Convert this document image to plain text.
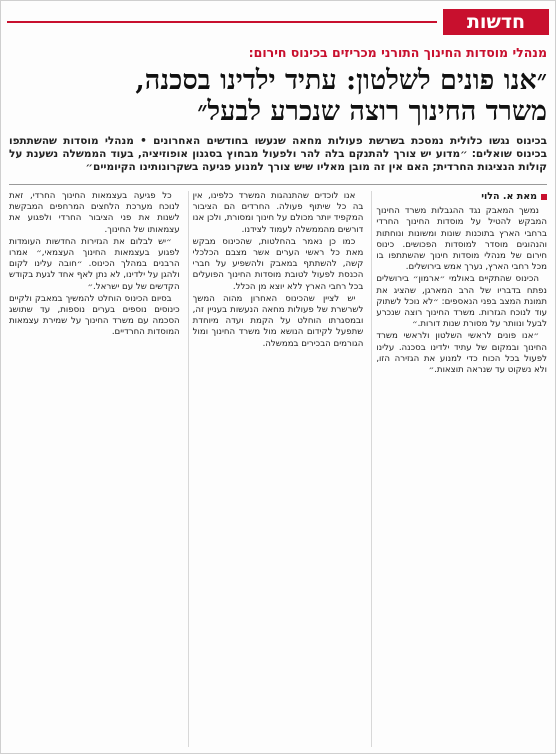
חדשות
מנהלי מוסדות החינוך התורני מכריזים בכינוס חירום:
״אנו פונים לשלטון: עתיד ילדינו בסכנה,
משרד החינוך רוצה שנכרע לבעל״
בכינוס נגשו כלולית נמסכת בשרשת פעולות מחאה שנעשו בחודשים האחרונים • מנהלי מוסדות שהשתתפו בכינוס שואלים: ״מדוע יש צורך להתנקם בלה להר ולפעול מבחוץ בסגנון אופוזיציה, בעוד הממשלה נשענת על קולות הנציגות החרדית; האם אין זה מובן מאליו שיש צורך למנוע פגיעה בשקרונותינו הקיומיים״
מאת א. הלוי

נמשך המאבק נגד ההגבלות משרד החינוך המבקש להטיל על מוסדות החינוך החרדי ברחבי הארץ בתוכנות שונות ומשונות ונוחתות והנהוגים מוסדר למוסדות הפכושים. כינוס חירום של מנהלי מוסדות חינוך שהשתתפו בו מכל רחבי הארץ, נערך אמש בירושלים.

הכינוס שהתקיים באולמי ״ארמון״ בירושלים נפתח בדבריו של הרב המארגן, שהציג את תמונת המצב בפני הנאספים: ״לא נוכל לשתוק עוד לנוכח הגזרות. משרד החינוך רוצה שנכרע לבעל ונוותר על מסורת שנות דורות.״

״אנו פונים לראשי השלטון ולראשי משרד החינוך ובמקום של עתיד ילדינו בסכנה. עלינו לפעול בכל הכוח כדי למנוע את הגזירה הזו, ולא נשקוט עד שנראה תוצאות.״

אנו לוכדים שהתנהגות המשרד כלפינו, אין בה כל שיתוף פעולה. החרדים הם הציבור המקפיד יותר מכולם על חינוך ומסורת, ולכן אנו דורשים מהממשלה לעמוד לצידנו.

כמו כן נאמר בהחלטות, שהכינוס מבקש מאת כל ראשי הערים אשר מצבם הכלכלי קשה, להשתתף במאבק ולהשפיע על חברי הכנסת לפעול לטובת מוסדות החינוך הפועלים בכל רחבי הארץ ללא יוצא מן הכלל.

יש לציין שהכינוס האחרון מהוה המשך לשרשרת של פעולות מחאה הנעשות בעניין זה, ובמסגרתו הוחלט על הקמת ועדה מיוחדת שתפעל לקידום הנושא מול משרד החינוך ומול הגורמים הבכירים בממשלה.

כל פגיעה בעצמאות החינוך החרדי, זאת לנוכח מערכת הלחצים המרחפים המבקשת לשנות את פני הציבור החרדי ולפגוע את עצמאותו של החינוך.

״יש לבלום את הגזירות החדשות העומדות לפגוע בעצמאות החינוך העצמאי,״ אמרו הרבנים במהלך הכינוס. ״חובה עלינו לקום ולהגן על ילדינו, לא נתן לאף אחד לגעת בקודש הקדשים של עם ישראל.״

בסיום הכינוס הוחלט להמשיך במאבק ולקיים כינוסים נוספים בערים נוספות, עד שתושג הסכמה עם משרד החינוך על שמירת עצמאות המוסדות החרדיים.
